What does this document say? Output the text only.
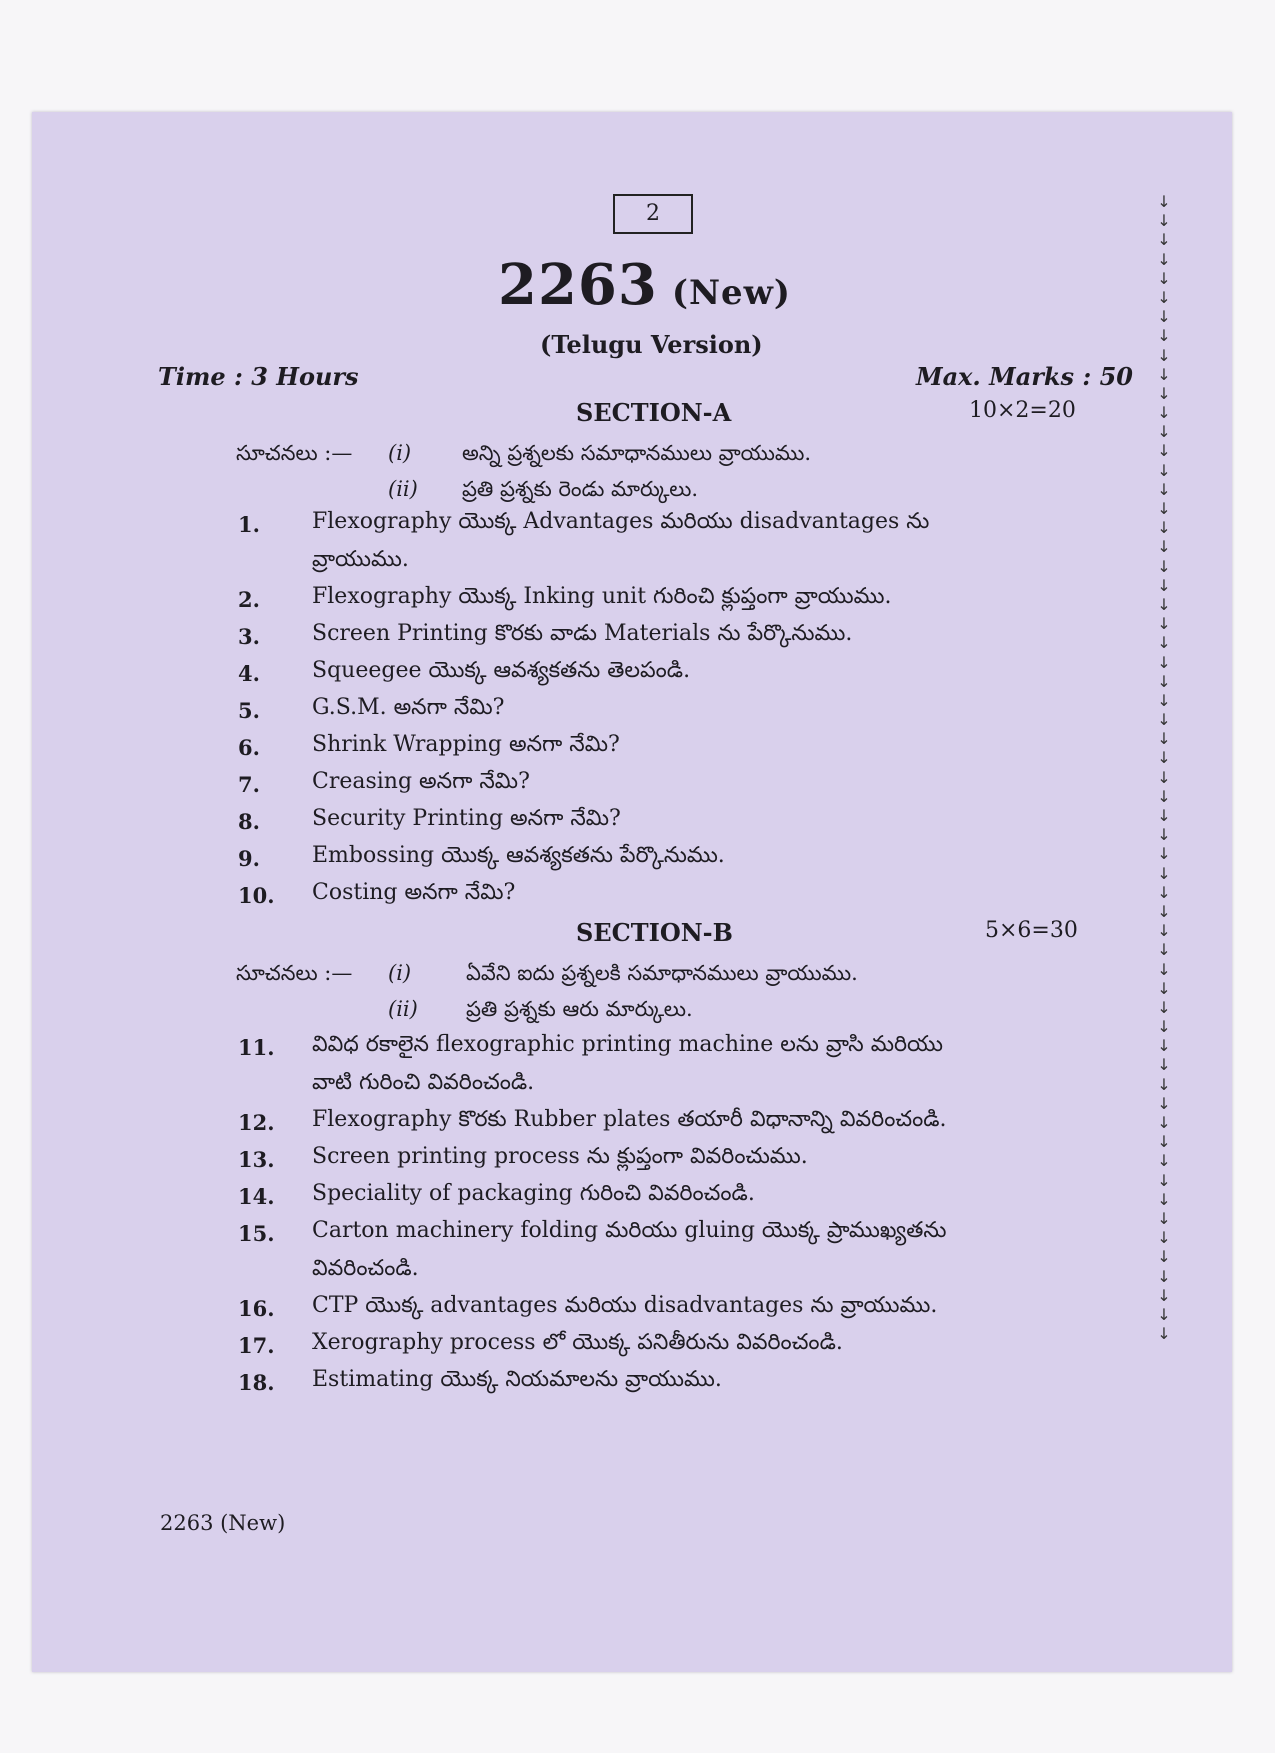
2
2263 (New)
(Telugu Version)
Time : 3 Hours	Max. Marks : 50
SECTION-A	10×2=20
సూచనలు :— (i) అన్ని ప్రశ్నలకు సమాధానములు వ్రాయుము.
(ii) ప్రతి ప్రశ్నకు రెండు మార్కులు.
1. Flexography యొక్క Advantages మరియు disadvantages ను
వ్రాయుము.
2. Flexography యొక్క Inking unit గురించి క్లుప్తంగా వ్రాయుము.
3. Screen Printing కొరకు వాడు Materials ను పేర్కొనుము.
4. Squeegee యొక్క ఆవశ్యకతను తెలపండి.
5. G.S.M. అనగా నేమి?
6. Shrink Wrapping అనగా నేమి?
7. Creasing అనగా నేమి?
8. Security Printing అనగా నేమి?
9. Embossing యొక్క ఆవశ్యకతను పేర్కొనుము.
10. Costing అనగా నేమి?
SECTION-B	5×6=30
సూచనలు :— (i)	ఏవేని ఐదు ప్రశ్నలకి సమాధానములు వ్రాయుము.
(ii) ప్రతి ప్రశ్నకు ఆరు మార్కులు.
11. వివిధ రకాలైన flexographic printing machine లను వ్రాసి మరియు
వాటి గురించి వివరించండి.
12. Flexography కొరకు Rubber plates తయారీ విధానాన్ని వివరించండి.
13. Screen printing process ను క్లుప్తంగా వివరించుము.
14. Speciality of packaging గురించి వివరించండి.
15. Carton machinery folding మరియు gluing యొక్క ప్రాముఖ్యతను
వివరించండి.
16. CTP యొక్క advantages మరియు disadvantages ను వ్రాయుము.
17. Xerography process లో యొక్క పనితీరును వివరించండి.
18. Estimating యొక్క నియమాలను వ్రాయుము.
2263 (New)
↓
↓
↓
↓
↓
↓
↓
↓
↓
↓
↓
↓
↓
↓
↓
↓
↓
↓
↓
↓
↓
↓
↓
↓
↓
↓
↓
↓
↓
↓
↓
↓
↓
↓
↓
↓
↓
↓
↓
↓
↓
↓
↓
↓
↓
↓
↓
↓
↓
↓
↓
↓
↓
↓
↓
↓
↓
↓
↓
↓
